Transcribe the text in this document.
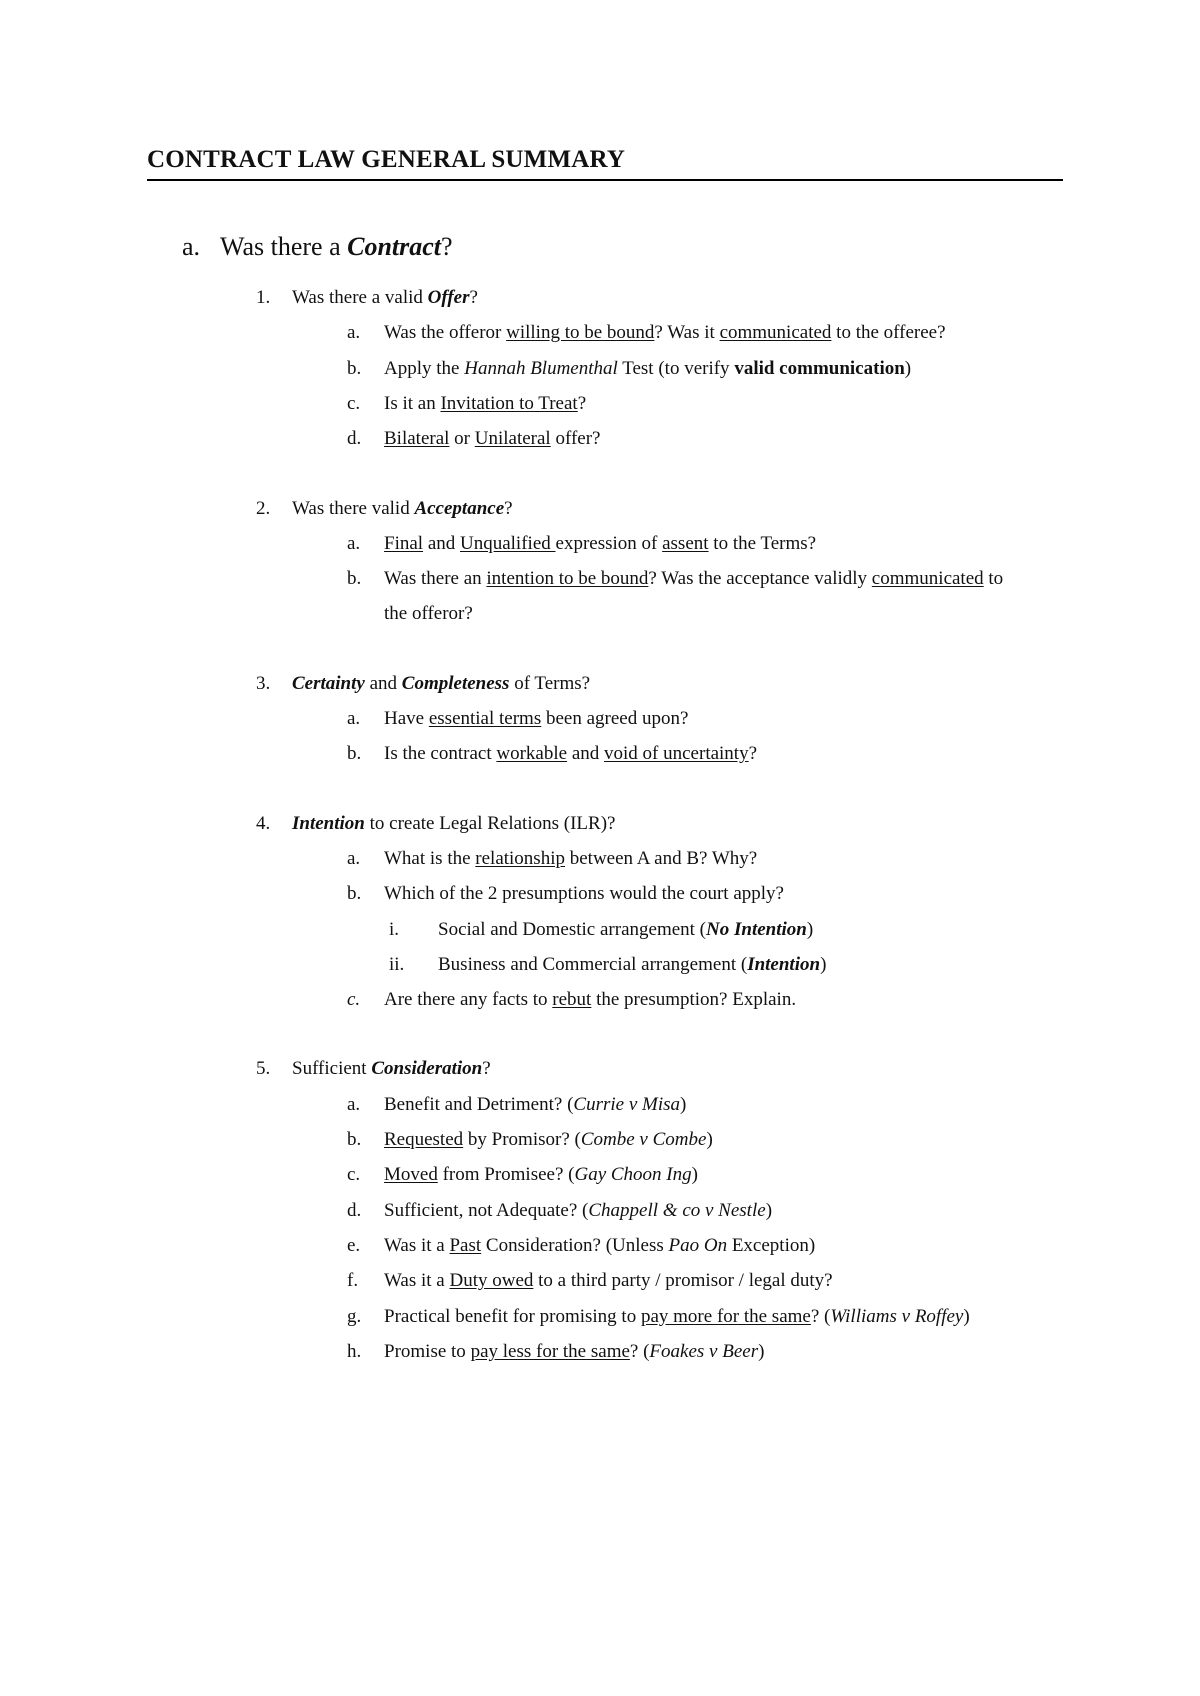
CONTRACT LAW GENERAL SUMMARY
a. Was there a Contract?
1. Was there a valid Offer?
a. Was the offeror willing to be bound? Was it communicated to the offeree?
b. Apply the Hannah Blumenthal Test (to verify valid communication)
c. Is it an Invitation to Treat?
d. Bilateral or Unilateral offer?
2. Was there valid Acceptance?
a. Final and Unqualified expression of assent to the Terms?
b. Was there an intention to be bound? Was the acceptance validly communicated to
the offeror?
3. Certainty and Completeness of Terms?
a. Have essential terms been agreed upon?
b. Is the contract workable and void of uncertainty?
4. Intention to create Legal Relations (ILR)?
a. What is the relationship between A and B? Why?
b. Which of the 2 presumptions would the court apply?
i. Social and Domestic arrangement (No Intention)
ii. Business and Commercial arrangement (Intention)
c. Are there any facts to rebut the presumption? Explain.
5. Sufficient Consideration?
a. Benefit and Detriment? (Currie v Misa)
b. Requested by Promisor? (Combe v Combe)
c. Moved from Promisee? (Gay Choon Ing)
d. Sufficient, not Adequate? (Chappell & co v Nestle)
e. Was it a Past Consideration? (Unless Pao On Exception)
f. Was it a Duty owed to a third party / promisor / legal duty?
g. Practical benefit for promising to pay more for the same? (Williams v Roffey)
h. Promise to pay less for the same? (Foakes v Beer)
